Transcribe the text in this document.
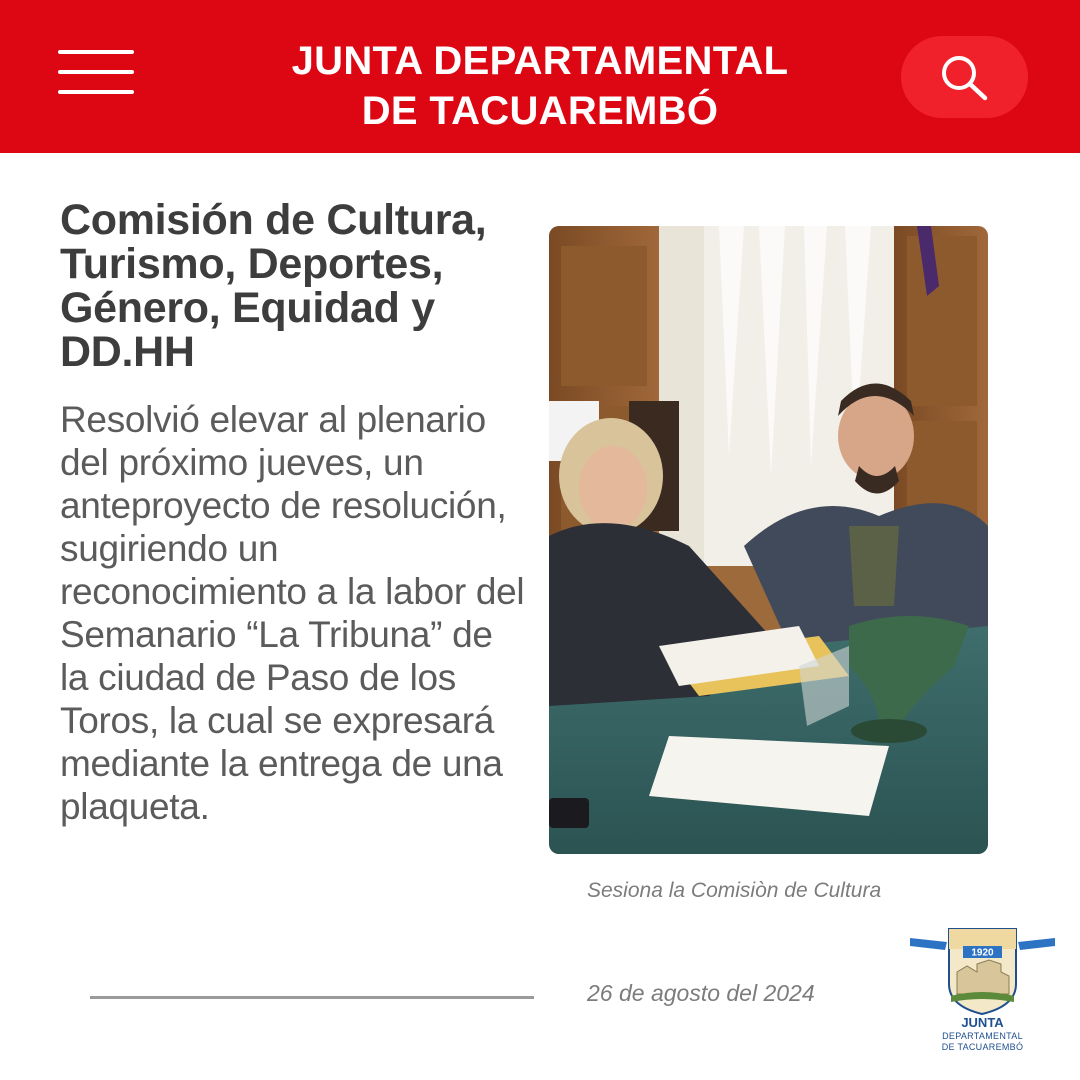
JUNTA DEPARTAMENTAL
DE TACUAREMBÓ
Comisión de Cultura, Turismo, Deportes, Género, Equidad y DD.HH

Resolvió elevar al plenario del próximo jueves, un anteproyecto de resolución, sugiriendo un reconocimiento a la labor del Semanario “La Tribuna” de la ciudad de Paso de los Toros, la cual se expresará mediante la entrega de una plaqueta.

Sesiona la Comisiòn de Cultura
26 de agosto del 2024
1920
JUNTA
DEPARTAMENTAL
DE TACUAREMBÓ
